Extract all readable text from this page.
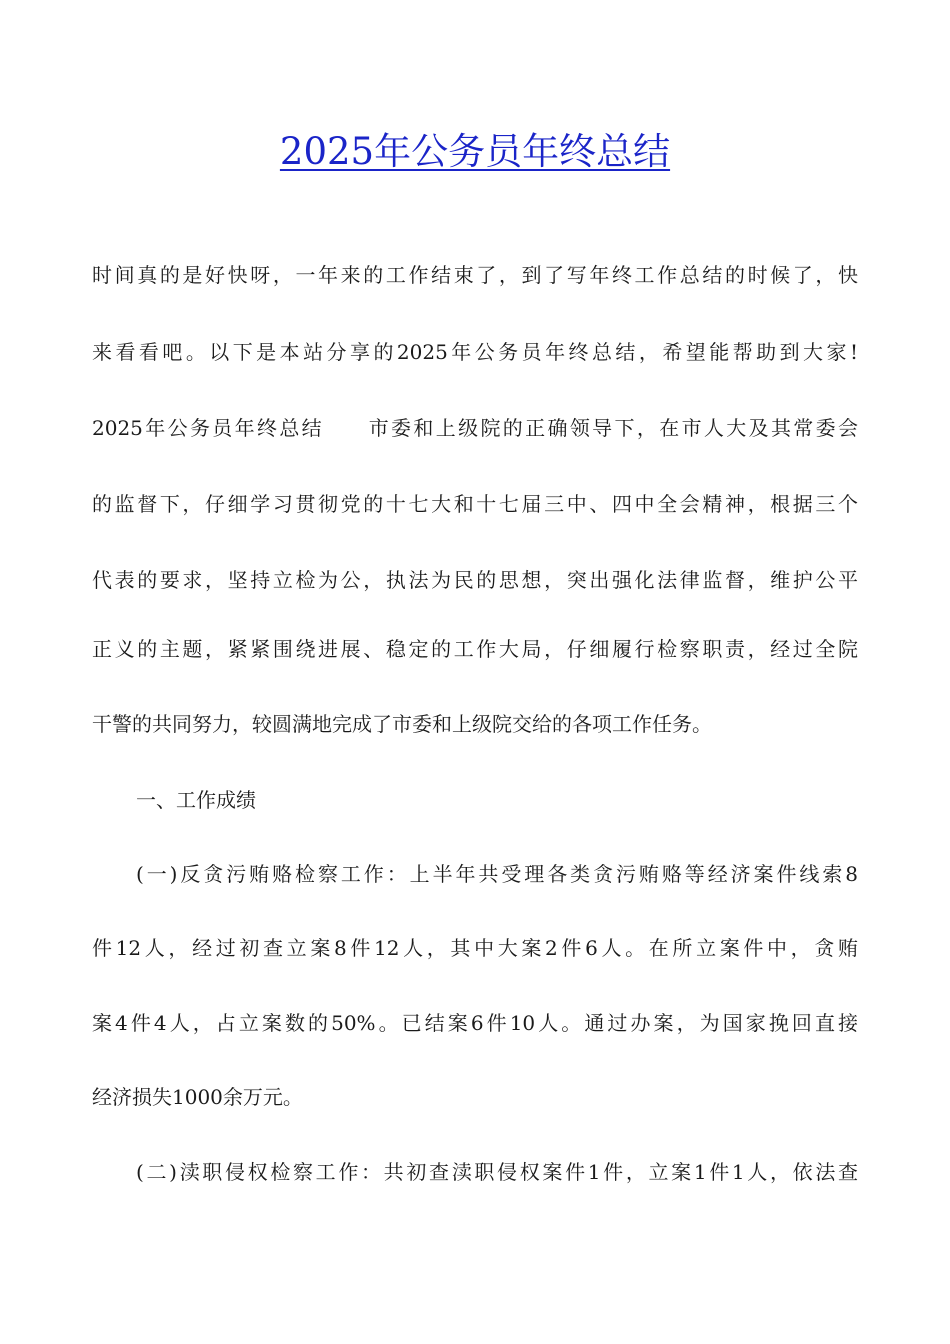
2025年公务员年终总结
时间真的是好快呀，一年来的工作结束了，到了写年终工作总结的时候了，快
来看看吧。以下是本站分享的2025年公务员年终总结，希望能帮助到大家!
2025年公务员年终总结　　市委和上级院的正确领导下，在市人大及其常委会
的监督下，仔细学习贯彻党的十七大和十七届三中、四中全会精神，根据三个
代表的要求，坚持立检为公，执法为民的思想，突出强化法律监督，维护公平
正义的主题，紧紧围绕进展、稳定的工作大局，仔细履行检察职责，经过全院
干警的共同努力，较圆满地完成了市委和上级院交给的各项工作任务。
一、工作成绩
(一)反贪污贿赂检察工作：上半年共受理各类贪污贿赂等经济案件线索8
件12人，经过初查立案8件12人，其中大案2件6人。在所立案件中，贪贿
案4件4人，占立案数的50%。已结案6件10人。通过办案，为国家挽回直接
经济损失1000余万元。
(二)渎职侵权检察工作：共初查渎职侵权案件1件，立案1件1人，依法查
